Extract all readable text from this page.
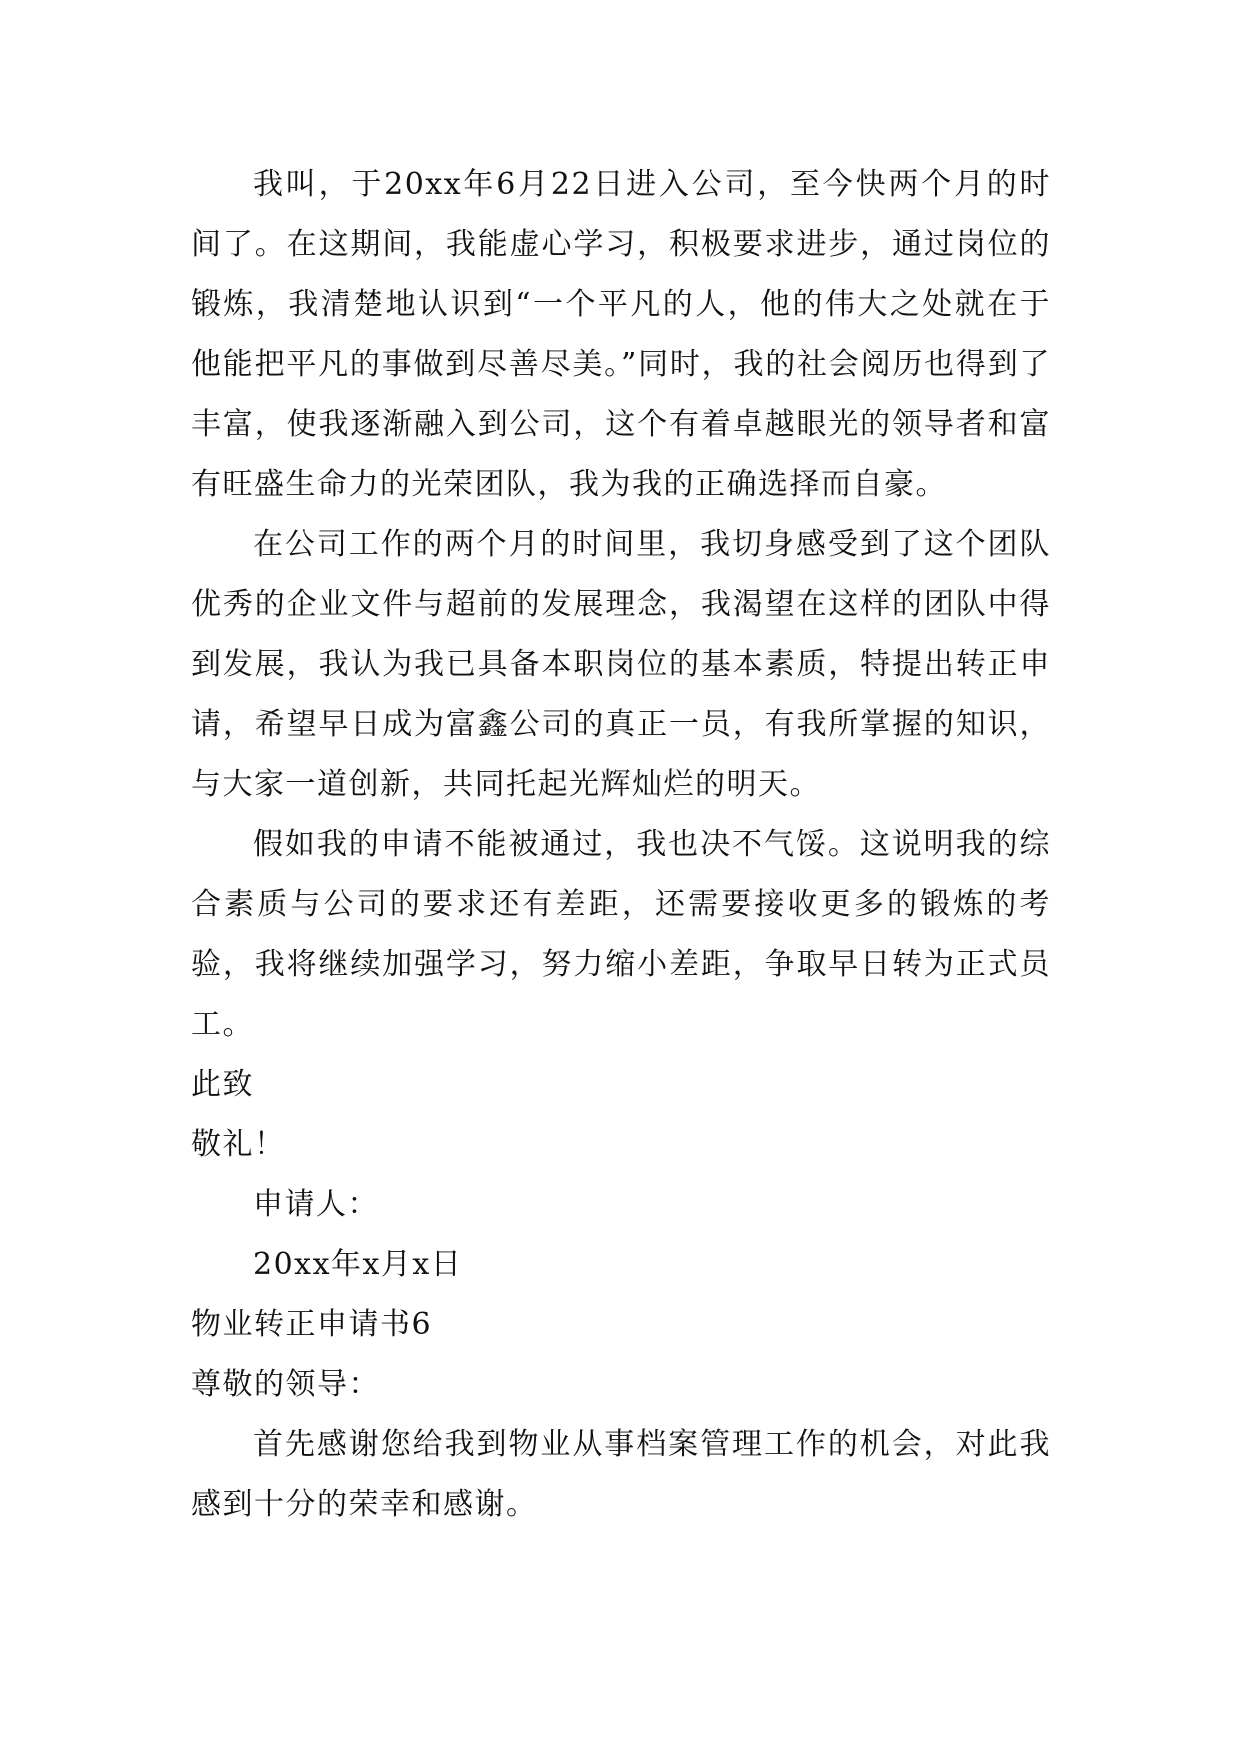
我叫，于20xx年6月22日进入公司，至今快两个月的时间了。在这期间，我能虚心学习，积极要求进步，通过岗位的锻炼，我清楚地认识到“一个平凡的人，他的伟大之处就在于他能把平凡的事做到尽善尽美。”同时，我的社会阅历也得到了丰富，使我逐渐融入到公司，这个有着卓越眼光的领导者和富有旺盛生命力的光荣团队，我为我的正确选择而自豪。

在公司工作的两个月的时间里，我切身感受到了这个团队优秀的企业文件与超前的发展理念，我渴望在这样的团队中得到发展，我认为我已具备本职岗位的基本素质，特提出转正申请，希望早日成为富鑫公司的真正一员，有我所掌握的知识，与大家一道创新，共同托起光辉灿烂的明天。

假如我的申请不能被通过，我也决不气馁。这说明我的综合素质与公司的要求还有差距，还需要接收更多的锻炼的考验，我将继续加强学习，努力缩小差距，争取早日转为正式员工。

此致

敬礼！

申请人：

20xx年x月x日

物业转正申请书6

尊敬的领导：

首先感谢您给我到物业从事档案管理工作的机会，对此我感到十分的荣幸和感谢。
